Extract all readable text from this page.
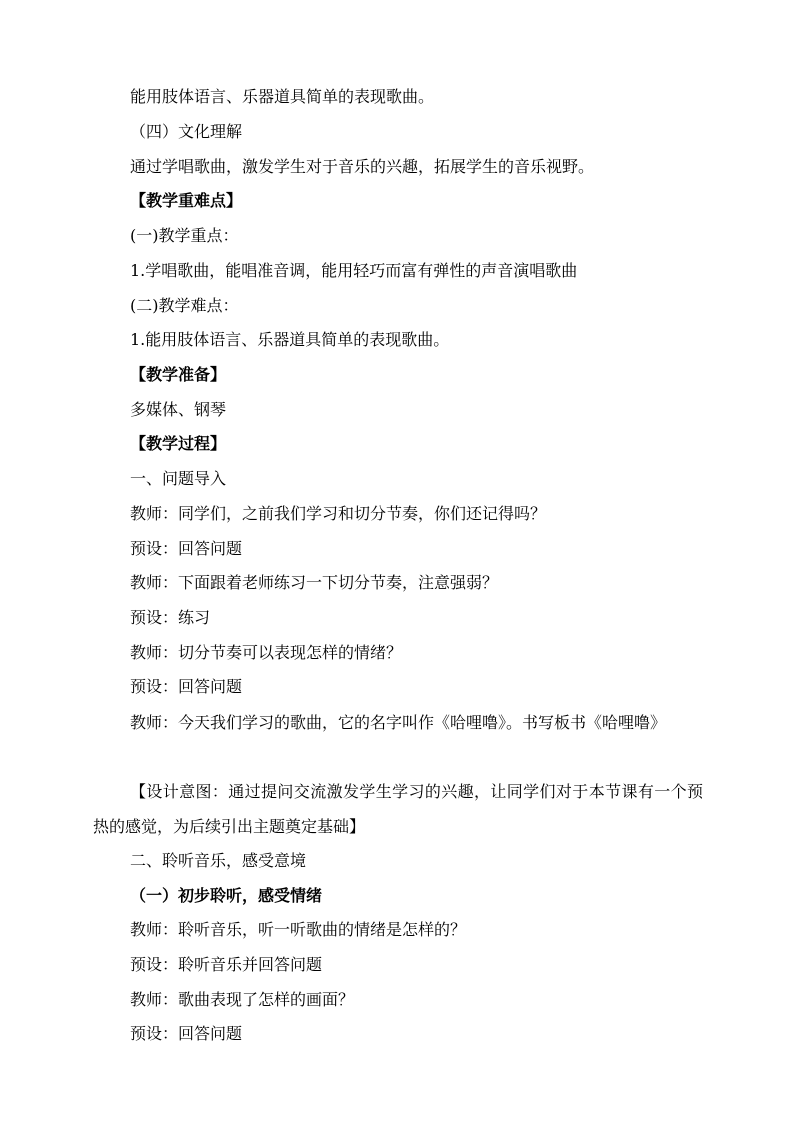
能用肢体语言、乐器道具简单的表现歌曲。
（四）文化理解
通过学唱歌曲，激发学生对于音乐的兴趣，拓展学生的音乐视野。
【教学重难点】
(一)教学重点：
1.学唱歌曲，能唱准音调，能用轻巧而富有弹性的声音演唱歌曲
(二)教学难点：
1.能用肢体语言、乐器道具简单的表现歌曲。
【教学准备】
多媒体、钢琴
【教学过程】
一、问题导入
教师：同学们，之前我们学习和切分节奏，你们还记得吗？
预设：回答问题
教师：下面跟着老师练习一下切分节奏，注意强弱？
预设：练习
教师：切分节奏可以表现怎样的情绪？
预设：回答问题
教师：今天我们学习的歌曲，它的名字叫作《哈哩噜》。书写板书《哈哩噜》
【设计意图：通过提问交流激发学生学习的兴趣，让同学们对于本节课有一个预热的感觉，为后续引出主题奠定基础】
二、聆听音乐，感受意境
（一）初步聆听，感受情绪
教师：聆听音乐，听一听歌曲的情绪是怎样的？
预设：聆听音乐并回答问题
教师：歌曲表现了怎样的画面？
预设：回答问题
